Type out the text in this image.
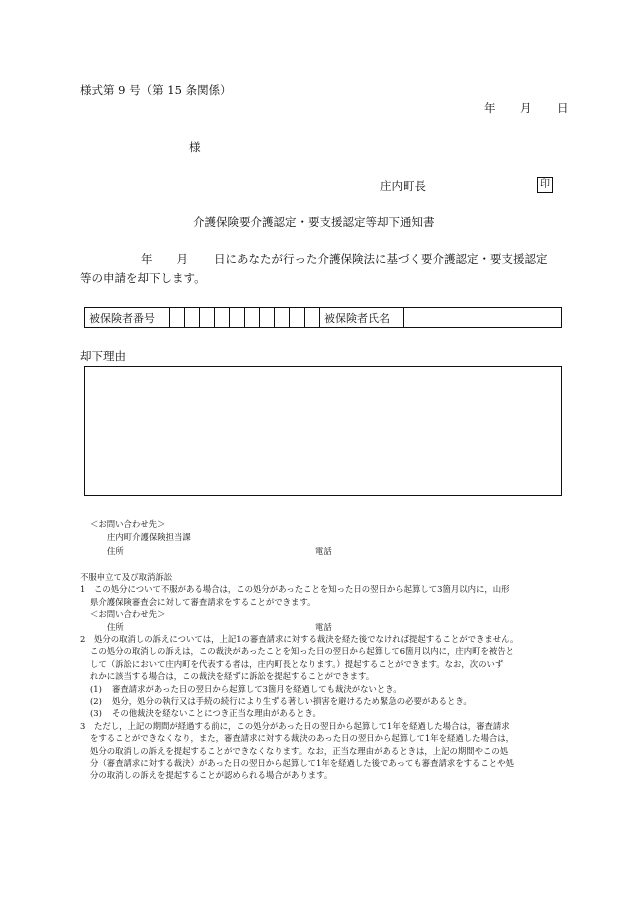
様式第 9 号（第 15 条関係）
年 月 日
様
庄内町長	印
介護保険要介護認定・要支援認定等却下通知書
年 月 日にあなたが行った介護保険法に基づく要介護認定・要支援認定
等の申請を却下します。
被保険者番号											被保険者氏名	
却下理由
＜お問い合わせ先＞
庄内町介護保険担当課
住所	電話
不服申立て及び取消訴訟
1 この処分について不服がある場合は，この処分があったことを知った日の翌日から起算して3箇月以内に，山形
県介護保険審査会に対して審査請求をすることができます。
＜お問い合わせ先＞
住所	電話
2 処分の取消しの訴えについては，上記1の審査請求に対する裁決を経た後でなければ提起することができません。
この処分の取消しの訴えは，この裁決があったことを知った日の翌日から起算して6箇月以内に，庄内町を被告と
して（訴訟において庄内町を代表する者は，庄内町長となります。）提起することができます。なお，次のいず
れかに該当する場合は，この裁決を経ずに訴訟を提起することができます。
(1) 審査請求があった日の翌日から起算して3箇月を経過しても裁決がないとき。
(2) 処分，処分の執行又は手続の続行により生ずる著しい損害を避けるため緊急の必要があるとき。
(3) その他裁決を経ないことにつき正当な理由があるとき。
3 ただし，上記の期間が経過する前に，この処分があった日の翌日から起算して1年を経過した場合は，審査請求
をすることができなくなり，また，審査請求に対する裁決のあった日の翌日から起算して1年を経過した場合は，
処分の取消しの訴えを提起することができなくなります。なお，正当な理由があるときは，上記の期間やこの処
分（審査請求に対する裁決）があった日の翌日から起算して1年を経過した後であっても審査請求をすることや処
分の取消しの訴えを提起することが認められる場合があります。
